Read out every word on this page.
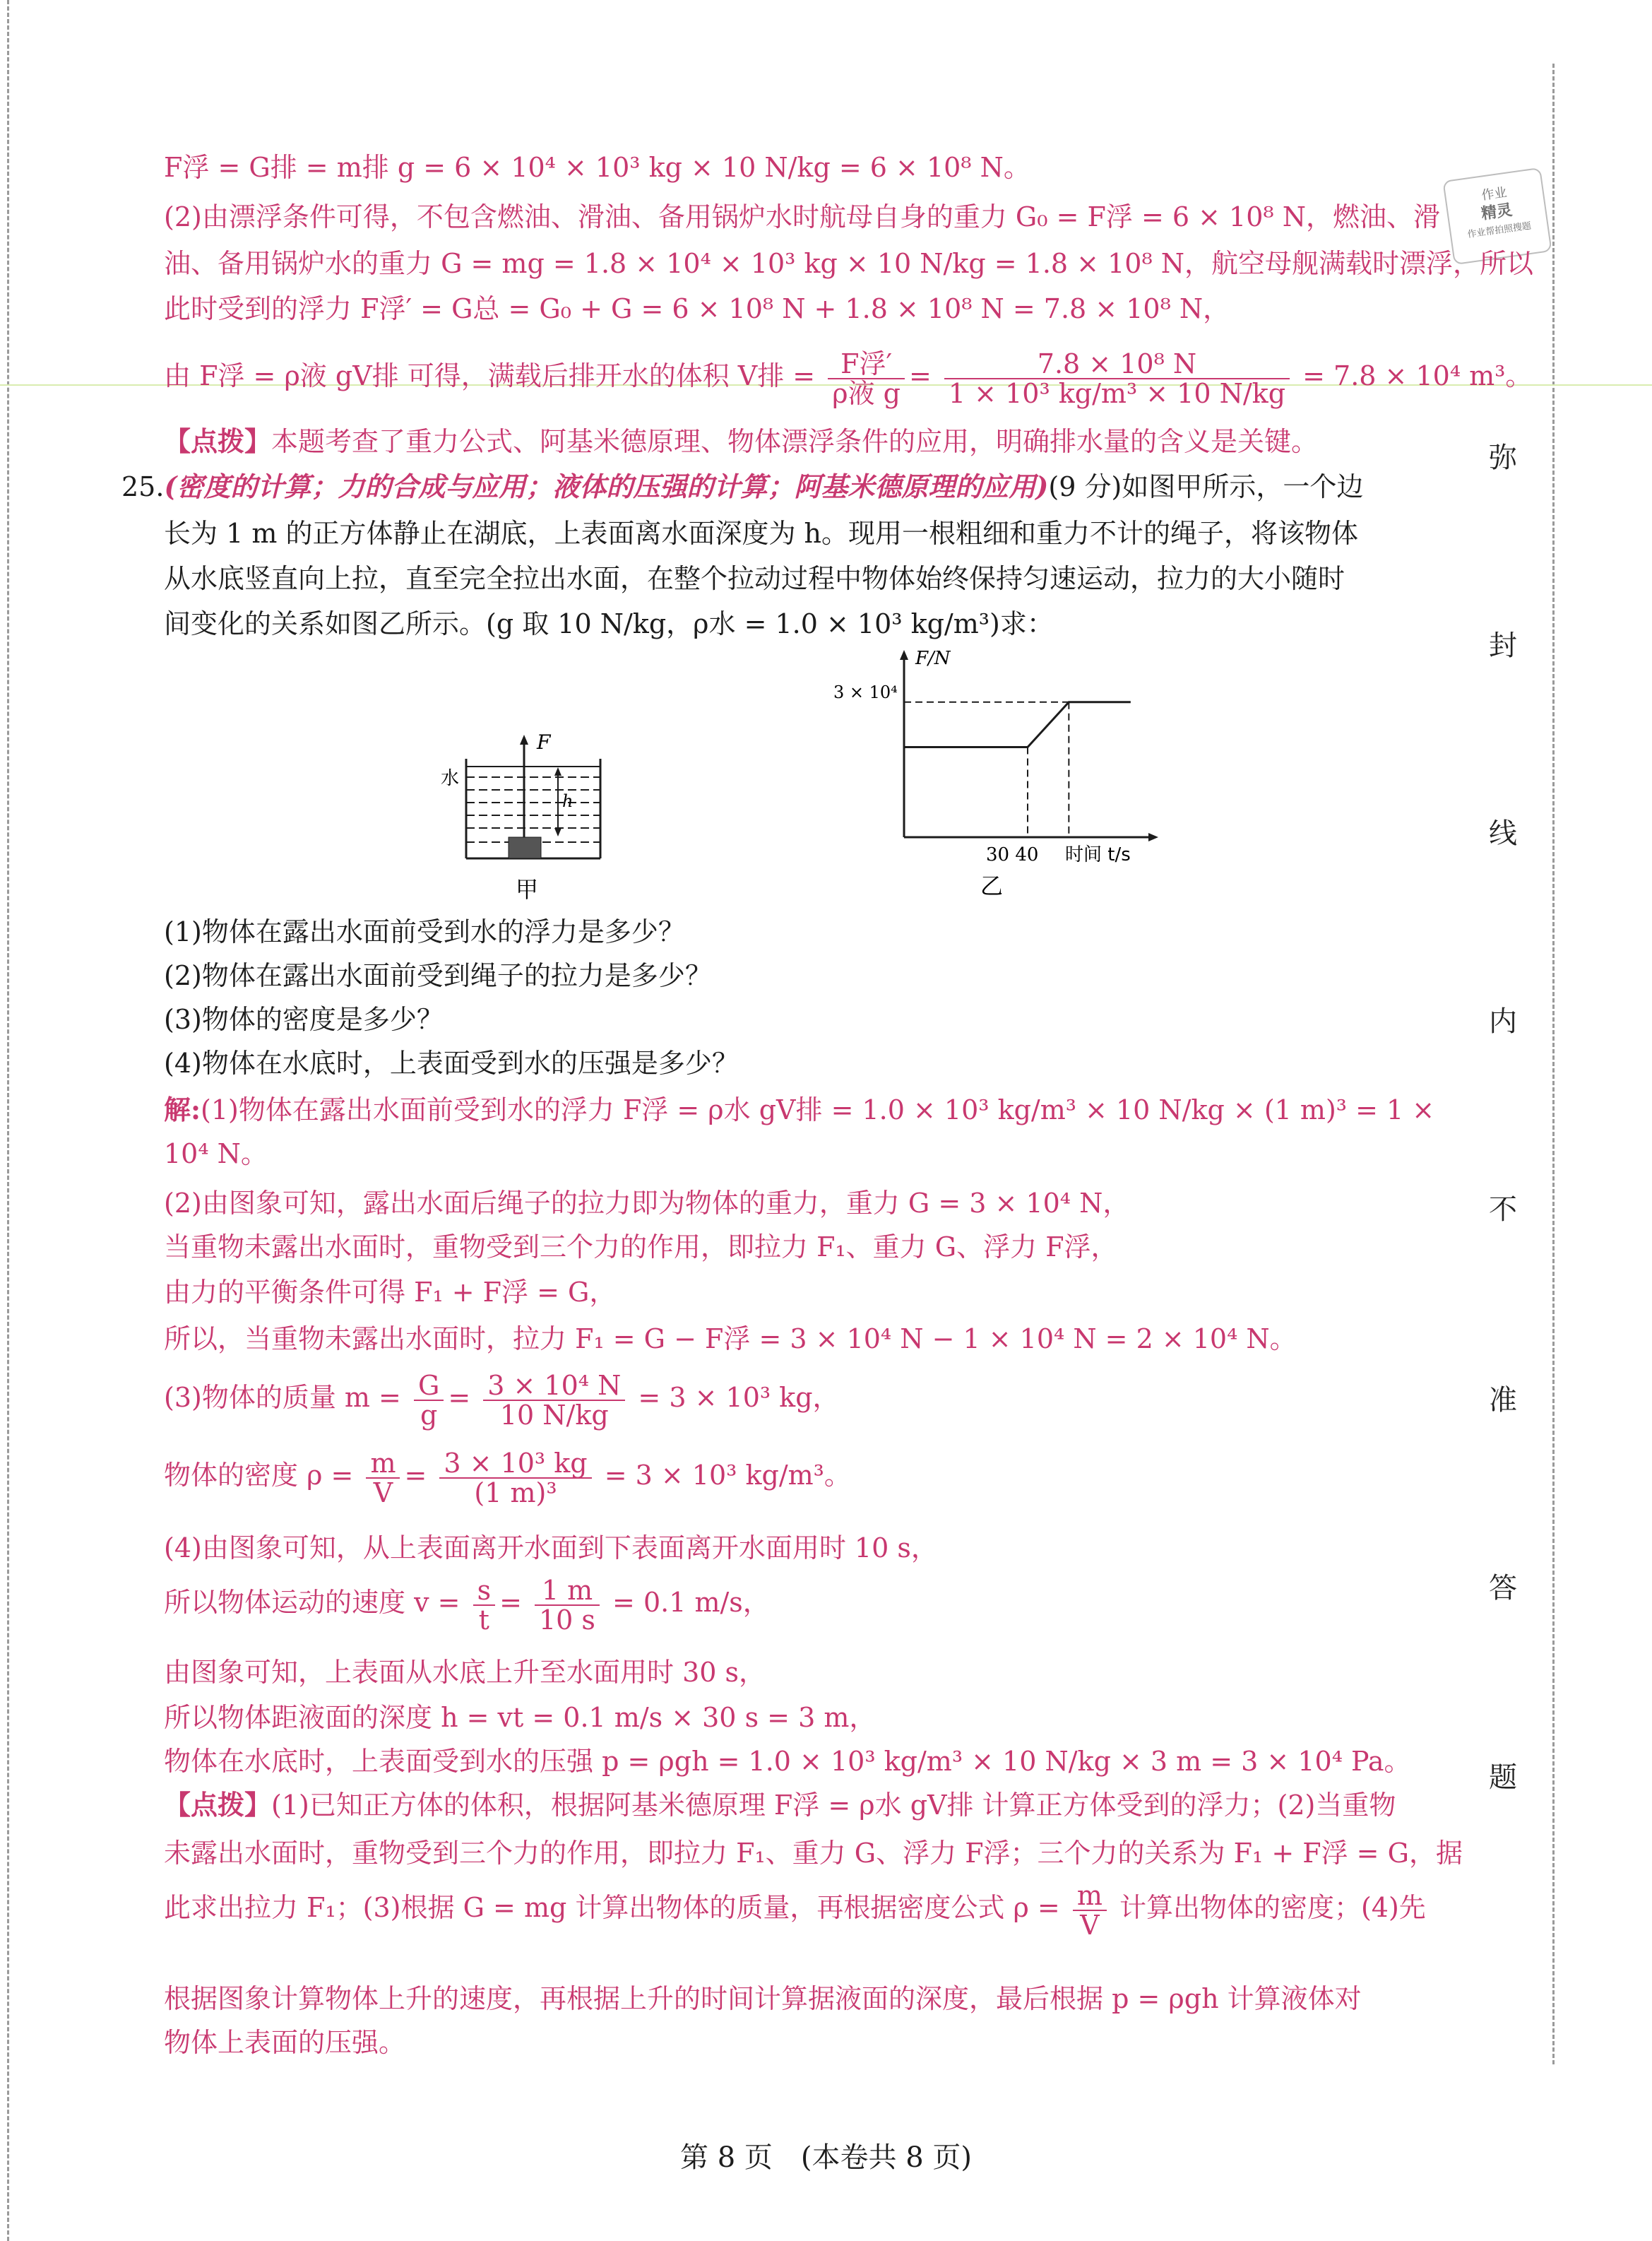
作业
精灵
作业帮拍照搜题
弥
封
线
内
不
准
答
题
F浮 = G排 = m排 g = 6 × 10⁴ × 10³ kg × 10 N/kg = 6 × 10⁸ N。
(2)由漂浮条件可得，不包含燃油、滑油、备用锅炉水时航母自身的重力 G₀ = F浮 = 6 × 10⁸ N，燃油、滑
油、备用锅炉水的重力 G = mg = 1.8 × 10⁴ × 10³ kg × 10 N/kg = 1.8 × 10⁸ N，航空母舰满载时漂浮，所以
此时受到的浮力 F浮′ = G总 = G₀ + G = 6 × 10⁸ N + 1.8 × 10⁸ N = 7.8 × 10⁸ N，
由 F浮 = ρ液 gV排 可得，满载后排开水的体积 V排 = $\frac{\text{F浮′}}{\text{ρ液 g}} = \frac{\text{7.8 × 10⁸ N}}{\text{1 × 10³ kg/m³ × 10 N/kg}} = 7.8 \times 10^4$ m³。
【点拨】本题考查了重力公式、阿基米德原理、物体漂浮条件的应用，明确排水量的含义是关键。
25.(密度的计算；力的合成与应用；液体的压强的计算；阿基米德原理的应用)(9 分)如图甲所示，一个边
长为 1 m 的正方体静止在湖底，上表面离水面深度为 h。现用一根粗细和重力不计的绳子，将该物体
从水底竖直向上拉，直至完全拉出水面，在整个拉动过程中物体始终保持匀速运动，拉力的大小随时
间变化的关系如图乙所示。(g 取 10 N/kg，ρ水 = 1.0 × 10³ kg/m³)求：
F
水
h
甲
F/N
3 × 10⁴
30 40 时间 t/s
乙
(1)物体在露出水面前受到水的浮力是多少？
(2)物体在露出水面前受到绳子的拉力是多少？
(3)物体的密度是多少？
(4)物体在水底时，上表面受到水的压强是多少？
解:(1)物体在露出水面前受到水的浮力 F浮 = ρ水 gV排 = 1.0 × 10³ kg/m³ × 10 N/kg × (1 m)³ = 1 ×
10⁴ N。
(2)由图象可知，露出水面后绳子的拉力即为物体的重力，重力 G = 3 × 10⁴ N，
当重物未露出水面时，重物受到三个力的作用，即拉力 F₁、重力 G、浮力 F浮，
由力的平衡条件可得 F₁ + F浮 = G，
所以，当重物未露出水面时，拉力 F₁ = G − F浮 = 3 × 10⁴ N − 1 × 10⁴ N = 2 × 10⁴ N。
(3)物体的质量 $m = \frac{G}{g} = \frac{\text{3 × 10⁴ N}}{10 N/kg} = 3 \times 10^3$ kg，
物体的密度 $\rho = \frac{m}{V} = \frac{\text{3 × 10³ kg}}{\text{(1 m)³}} = 3 \times 10^3$ kg/m³。
(4)由图象可知，从上表面离开水面到下表面离开水面用时 10 s，
所以物体运动的速度 $v = \frac{s}{t} = \frac{1 m}{10 s} = 0.1$ m/s，
由图象可知，上表面从水底上升至水面用时 30 s，
所以物体距液面的深度 h = vt = 0.1 m/s × 30 s = 3 m，
物体在水底时，上表面受到水的压强 p = ρgh = 1.0 × 10³ kg/m³ × 10 N/kg × 3 m = 3 × 10⁴ Pa。
【点拨】(1)已知正方体的体积，根据阿基米德原理 F浮 = ρ水 gV排 计算正方体受到的浮力；(2)当重物
未露出水面时，重物受到三个力的作用，即拉力 F₁、重力 G、浮力 F浮；三个力的关系为 F₁ + F浮 = G，据
此求出拉力 F₁；(3)根据 G = mg 计算出物体的质量，再根据密度公式 $\rho = \frac{m}{V}$ 计算出物体的密度；(4)先
根据图象计算物体上升的速度，再根据上升的时间计算据液面的深度，最后根据 p = ρgh 计算液体对
物体上表面的压强。
第 8 页　(本卷共 8 页)
